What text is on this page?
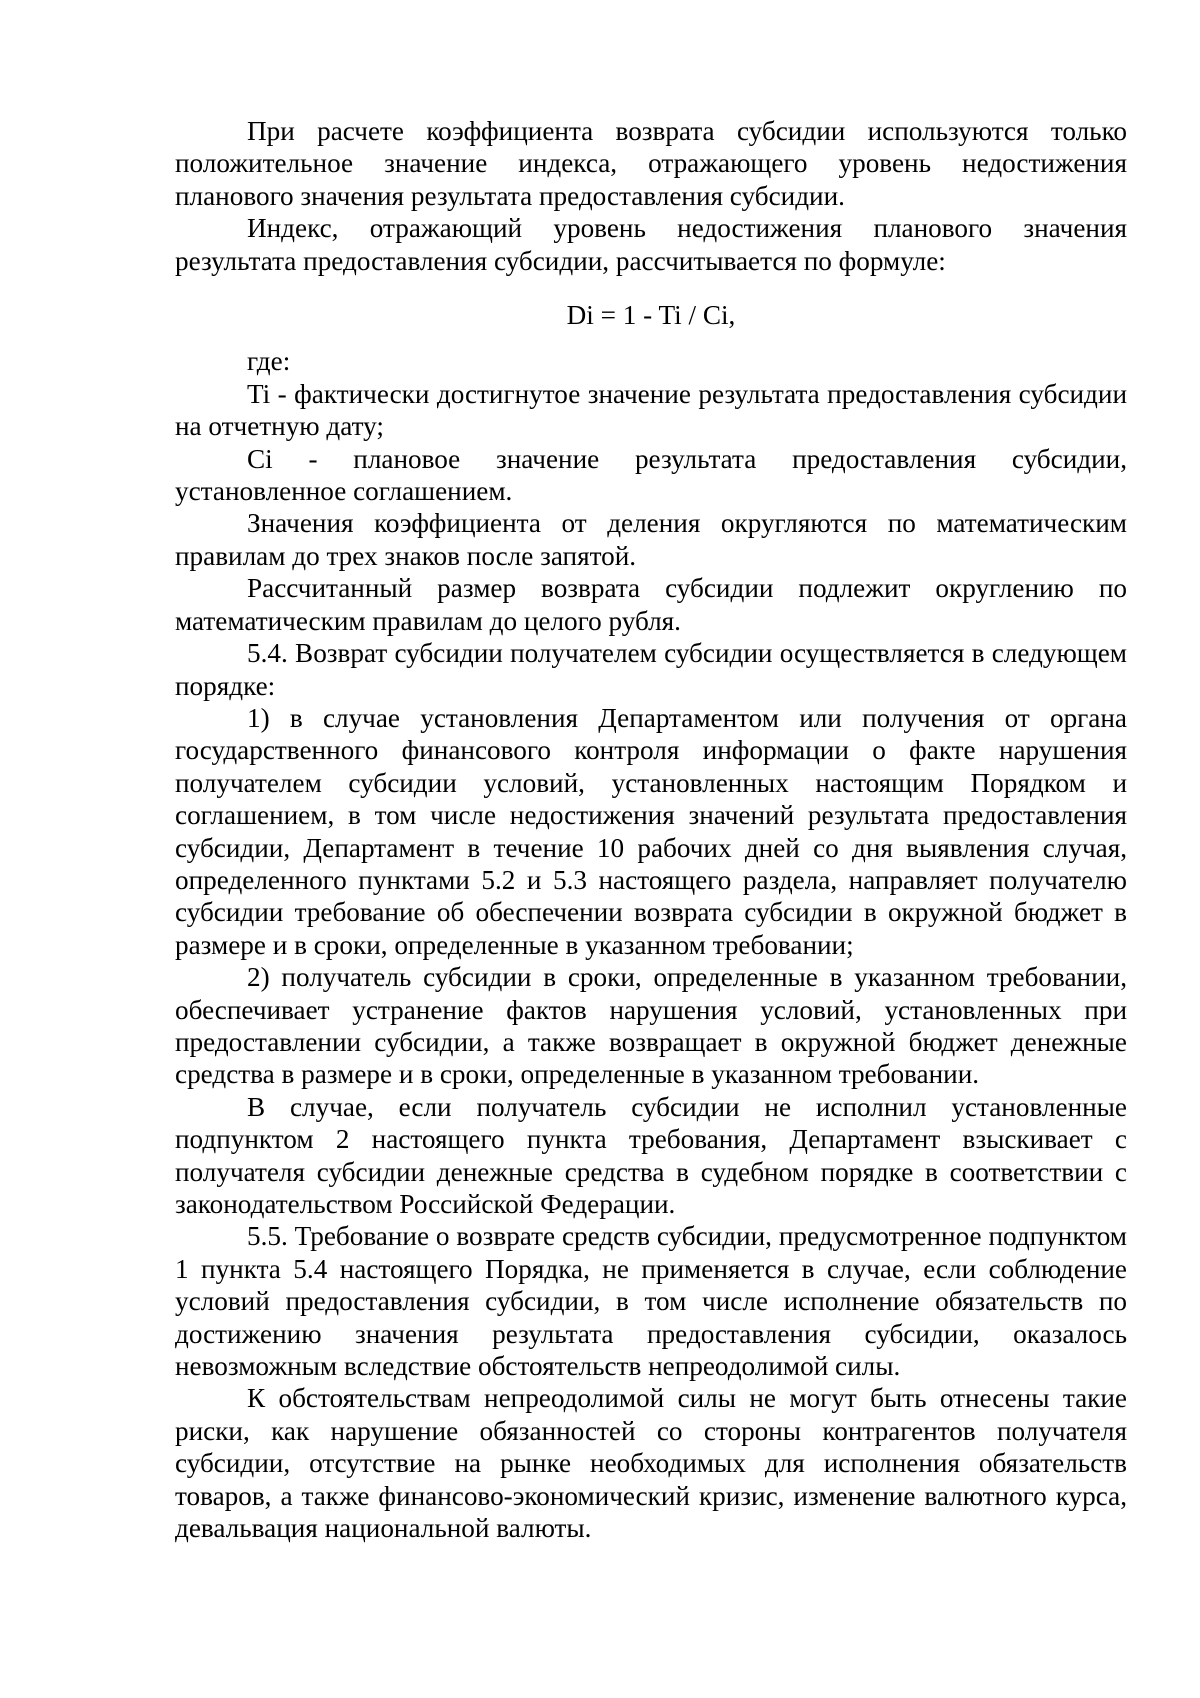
При расчете коэффициента возврата субсидии используются только положительное значение индекса, отражающего уровень недостижения планового значения результата предоставления субсидии.

Индекс, отражающий уровень недостижения планового значения результата предоставления субсидии, рассчитывается по формуле:

Di = 1 - Ti / Ci,

где:

Ti - фактически достигнутое значение результата предоставления субсидии на отчетную дату;

Ci - плановое значение результата предоставления субсидии, установленное соглашением.

Значения коэффициента от деления округляются по математическим правилам до трех знаков после запятой.

Рассчитанный размер возврата субсидии подлежит округлению по математическим правилам до целого рубля.

5.4. Возврат субсидии получателем субсидии осуществляется в следующем порядке:

1) в случае установления Департаментом или получения от органа государственного финансового контроля информации о факте нарушения получателем субсидии условий, установленных настоящим Порядком и соглашением, в том числе недостижения значений результата предоставления субсидии, Департамент в течение 10 рабочих дней со дня выявления случая, определенного пунктами 5.2 и 5.3 настоящего раздела, направляет получателю субсидии требование об обеспечении возврата субсидии в окружной бюджет в размере и в сроки, определенные в указанном требовании;

2) получатель субсидии в сроки, определенные в указанном требовании, обеспечивает устранение фактов нарушения условий, установленных при предоставлении субсидии, а также возвращает в окружной бюджет денежные средства в размере и в сроки, определенные в указанном требовании.

В случае, если получатель субсидии не исполнил установленные подпунктом 2 настоящего пункта требования, Департамент взыскивает с получателя субсидии денежные средства в судебном порядке в соответствии с законодательством Российской Федерации.

5.5. Требование о возврате средств субсидии, предусмотренное подпунктом 1 пункта 5.4 настоящего Порядка, не применяется в случае, если соблюдение условий предоставления субсидии, в том числе исполнение обязательств по достижению значения результата предоставления субсидии, оказалось невозможным вследствие обстоятельств непреодолимой силы.

К обстоятельствам непреодолимой силы не могут быть отнесены такие риски, как нарушение обязанностей со стороны контрагентов получателя субсидии, отсутствие на рынке необходимых для исполнения обязательств товаров, а также финансово-экономический кризис, изменение валютного курса, девальвация национальной валюты.
